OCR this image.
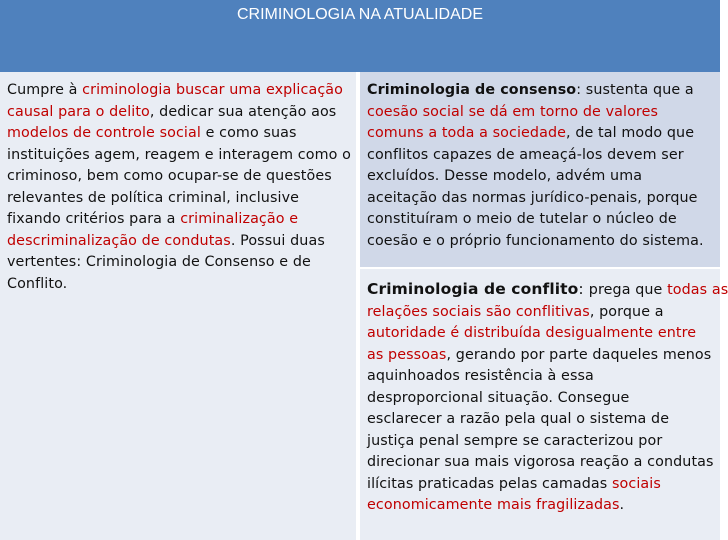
CRIMINOLOGIA NA ATUALIDADE
Cumpre à criminologia buscar uma explicação
causal para o delito, dedicar sua atenção aos
modelos de controle social e como suas
instituições agem, reagem e interagem como o
criminoso, bem como ocupar-se de questões
relevantes de política criminal, inclusive
fixando critérios para a criminalização e
descriminalização de condutas. Possui duas
vertentes: Criminologia de Consenso e de
Conflito.
Criminologia de consenso: sustenta que a
coesão social se dá em torno de valores
comuns a toda a sociedade, de tal modo que
conflitos capazes de ameaçá-los devem ser
excluídos. Desse modelo, advém uma
aceitação das normas jurídico-penais, porque
constituíram o meio de tutelar o núcleo de
coesão e o próprio funcionamento do sistema.
Criminologia de conflito: prega que todas as
relações sociais são conflitivas, porque a
autoridade é distribuída desigualmente entre
as pessoas, gerando por parte daqueles menos
aquinhoados resistência à essa
desproporcional situação. Consegue
esclarecer a razão pela qual o sistema de
justiça penal sempre se caracterizou por
direcionar sua mais vigorosa reação a condutas
ilícitas praticadas pelas camadas sociais
economicamente mais fragilizadas.
